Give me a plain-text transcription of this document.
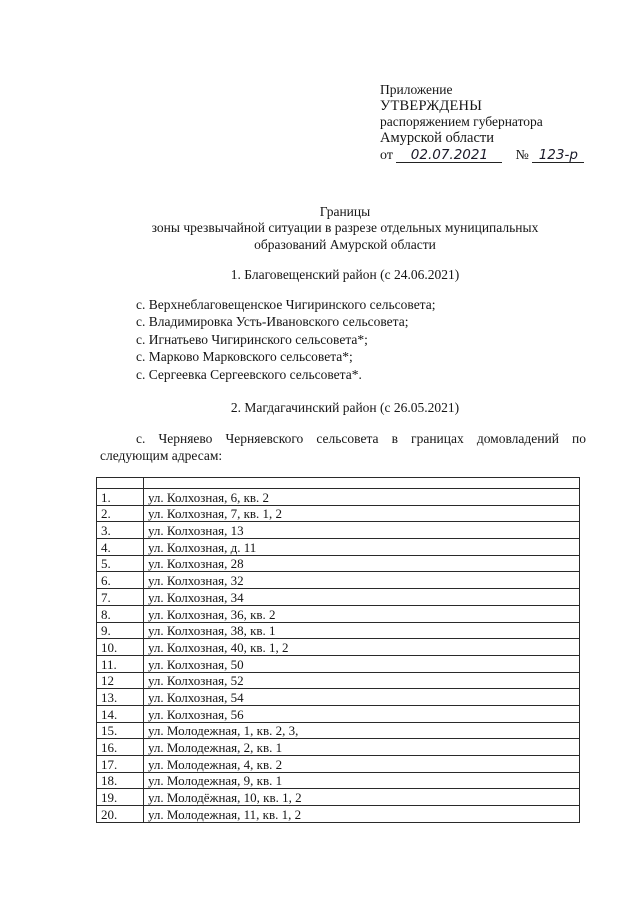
Приложение
УТВЕРЖДЕНЫ
распоряжением губернатора
Амурской области
от 02.07.2021 № 123-р
Границы
зоны чрезвычайной ситуации в разрезе отдельных муниципальных
образований Амурской области
1. Благовещенский район (с 24.06.2021)
с. Верхнеблаговещенское Чигиринского сельсовета;
с. Владимировка Усть-Ивановского сельсовета;
с. Игнатьево Чигиринского сельсовета*;
с. Марково Марковского сельсовета*;
с. Сергеевка Сергеевского сельсовета*.
2. Магдагачинский район (с 26.05.2021)
с. Черняево Черняевского сельсовета в границах домовладений по следующим адресам:

1.	ул. Колхозная, 6, кв. 2
2.	ул. Колхозная, 7, кв. 1, 2
3.	ул. Колхозная, 13
4.	ул. Колхозная, д. 11
5.	ул. Колхозная, 28
6.	ул. Колхозная, 32
7.	ул. Колхозная, 34
8.	ул. Колхозная, 36, кв. 2
9.	ул. Колхозная, 38, кв. 1
10.	ул. Колхозная, 40, кв. 1, 2
11.	ул. Колхозная, 50
12	ул. Колхозная, 52
13.	ул. Колхозная, 54
14.	ул. Колхозная, 56
15.	ул. Молодежная, 1, кв. 2, 3,
16.	ул. Молодежная, 2, кв. 1
17.	ул. Молодежная, 4, кв. 2
18.	ул. Молодежная, 9, кв. 1
19.	ул. Молодёжная, 10, кв. 1, 2
20.	ул. Молодежная, 11, кв. 1, 2
